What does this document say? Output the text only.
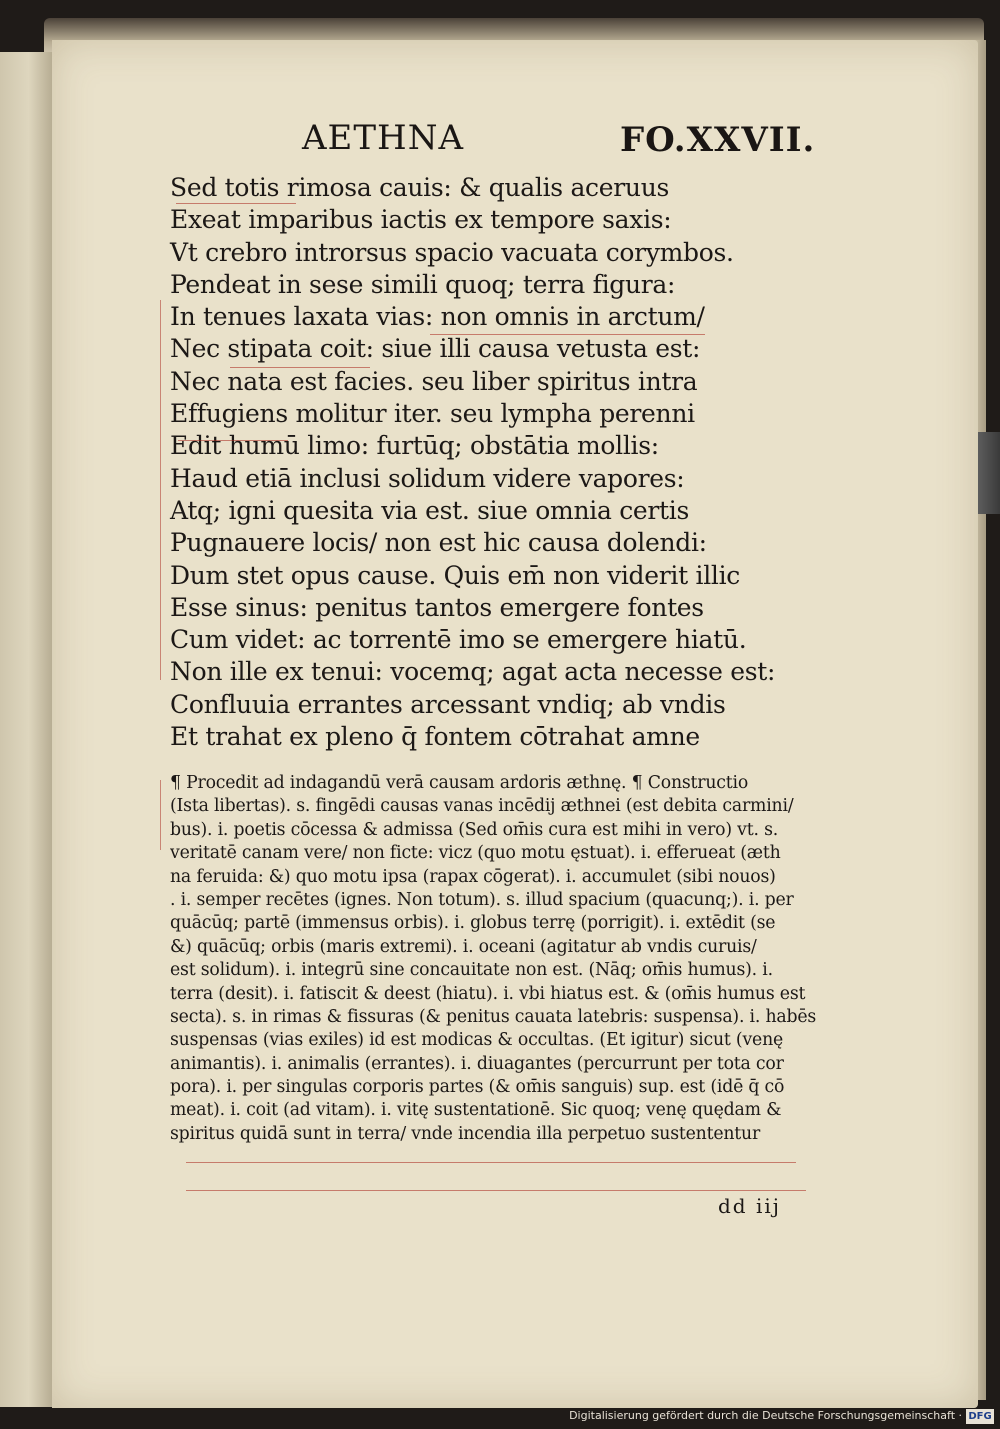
AETHNA	FO.XXVII.
Sed totis rimosa cauis: & qualis aceruus
Exeat imparibus iactis ex tempore saxis:
Vt crebro introrsus spacio vacuata corymbos.
Pendeat in sese simili quoq; terra figura:
In tenues laxata vias: non omnis in arctum/
Nec stipata coit: siue illi causa vetusta est:
Nec nata est facies. seu liber spiritus intra
Effugiens molitur iter. seu lympha perenni
Edit humū limo: furtūq; obstātia mollis:
Haud etiā inclusi solidum videre vapores:
Atq; igni quesita via est. siue omnia certis
Pugnauere locis/ non est hic causa dolendi:
Dum stet opus cause. Quis em̄ non viderit illic
Esse sinus: penitus tantos emergere fontes
Cum videt: ac torrentē imo se emergere hiatū.
Non ille ex tenui: vocemq; agat acta necesse est:
Confluuia errantes arcessant vndiq; ab vndis
Et trahat ex pleno q̄ fontem cōtrahat amne
¶ Procedit ad indagandū verā causam ardoris æthnę. ¶ Constructio
(Ista libertas). s. fingēdi causas vanas incēdij æthnei (est debita carmini/
bus). i. poetis cōcessa & admissa (Sed om̄is cura est mihi in vero) vt. s.
veritatē canam vere/ non ficte: vicz (quo motu ęstuat). i. efferueat (æth
na feruida: &) quo motu ipsa (rapax cōgerat). i. accumulet (sibi nouos)
. i. semper recētes (ignes. Non totum). s. illud spacium (quacunq;). i. per
quācūq; partē (immensus orbis). i. globus terrę (porrigit). i. extēdit (se
&) quācūq; orbis (maris extremi). i. oceani (agitatur ab vndis curuis/
est solidum). i. integrū sine concauitate non est. (Nāq; om̄is humus). i.
terra (desit). i. fatiscit & deest (hiatu). i. vbi hiatus est. & (om̄is humus est
secta). s. in rimas & fissuras (& penitus cauata latebris: suspensa). i. habēs
suspensas (vias exiles) id est modicas & occultas. (Et igitur) sicut (venę
animantis). i. animalis (errantes). i. diuagantes (percurrunt per tota cor
pora). i. per singulas corporis partes (& om̄is sanguis) sup. est (idē q̄ cō
meat). i. coit (ad vitam). i. vitę sustentationē. Sic quoq; venę quędam &
spiritus quidā sunt in terra/ vnde incendia illa perpetuo sustententur
dd iij
Digitalisierung gefördert durch die Deutsche Forschungsgemeinschaft · DFG
